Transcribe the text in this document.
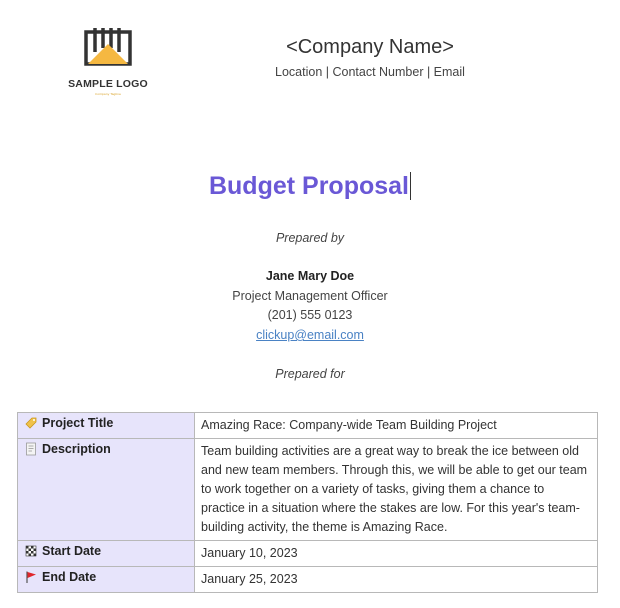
SAMPLE LOGO
Company Tagline
<Company Name>
Location | Contact Number | Email
Budget Proposal
Prepared by
Jane Mary Doe
Project Management Officer
(201) 555 0123
clickup@email.com
Prepared for
Project Title	Amazing Race: Company-wide Team Building Project
Description	Team building activities are a great way to break the ice between old and new team members. Through this, we will be able to get our team to work together on a variety of tasks, giving them a chance to practice in a situation where the stakes are low. For this year's team-building activity, the theme is Amazing Race.
Start Date	January 10, 2023
End Date	January 25, 2023
